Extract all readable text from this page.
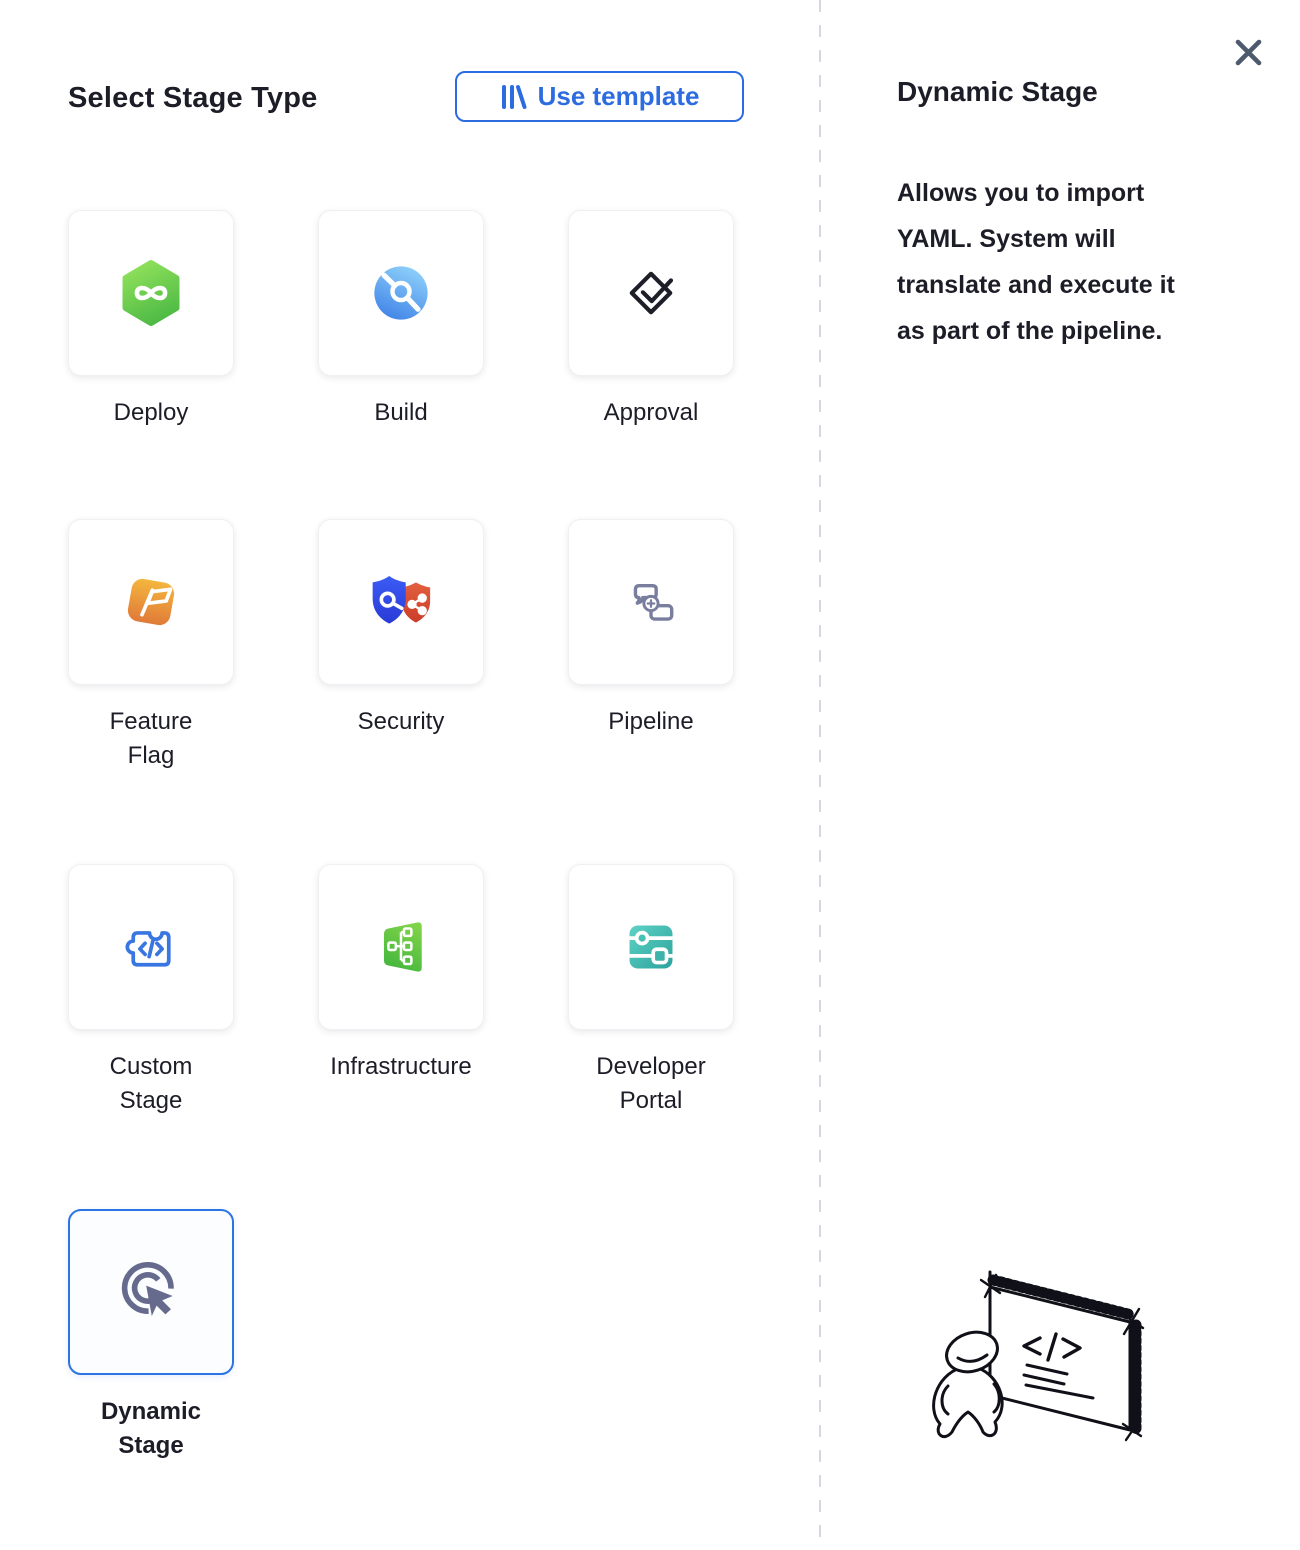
Select Stage Type	Use template
Deploy	Build	Approval
Feature Flag
Security	Pipeline
Custom Stage
Infrastructure	Developer Portal
Dynamic Stage
Dynamic Stage
Allows you to import YAML. System will translate and execute it as part of the pipeline.
